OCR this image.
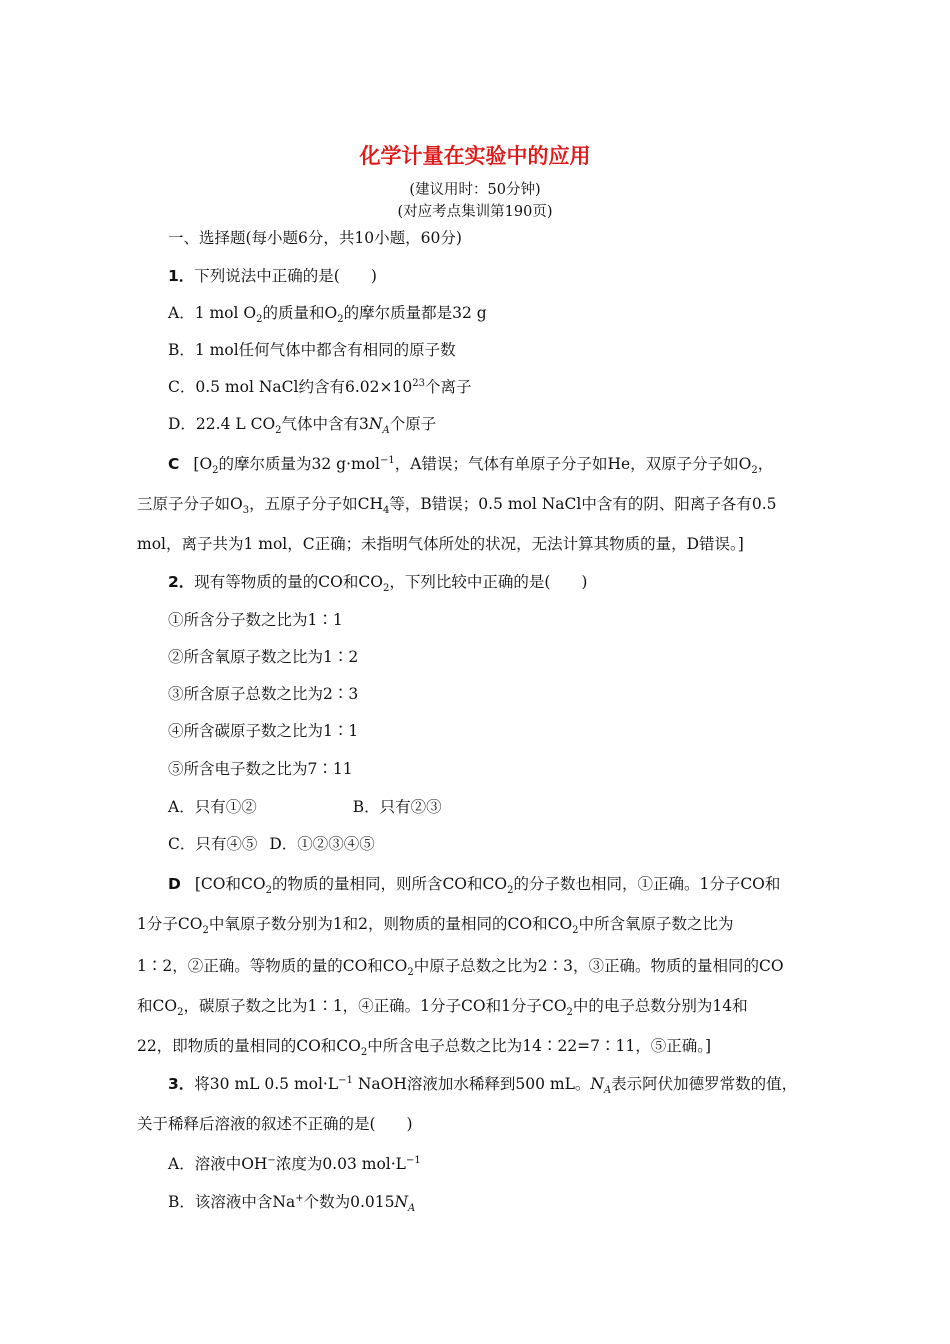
化学计量在实验中的应用
(建议用时：50分钟)
(对应考点集训第190页)
一、选择题(每小题6分，共10小题，60分)
1．下列说法中正确的是(　　)
A．1 mol $O_2$的质量和$O_2$的摩尔质量都是32 g
B．1 mol任何气体中都含有相同的原子数
C．0.5 mol NaCl约含有$6.02\times 10^{23}$个离子
D．22.4 L $CO_2$气体中含有$3N_A$个原子
C [$O_2$的摩尔质量为32 g·mol$^{-1}$，A错误；气体有单原子分子如He，双原子分子如$O_2$，
三原子分子如$O_3$，五原子分子如$CH_4$等，B错误；0.5 mol NaCl中含有的阴、阳离子各有0.5
mol，离子共为1 mol，C正确；未指明气体所处的状况，无法计算其物质的量，D错误。]
2．现有等物质的量的CO和$CO_2$，下列比较中正确的是(　　)
①所含分子数之比为1∶1
②所含氧原子数之比为1∶2
③所含原子总数之比为2∶3
④所含碳原子数之比为1∶1
⑤所含电子数之比为7∶11
A．只有①②	B．只有②③
C．只有④⑤ D．①②③④⑤
D [CO和$CO_2$的物质的量相同，则所含CO和$CO_2$的分子数也相同，①正确。1分子CO和
1分子$CO_2$中氧原子数分别为1和2，则物质的量相同的CO和$CO_2$中所含氧原子数之比为
1∶2，②正确。等物质的量的CO和$CO_2$中原子总数之比为2∶3，③正确。物质的量相同的CO
和$CO_2$，碳原子数之比为1∶1，④正确。1分子CO和1分子$CO_2$中的电子总数分别为14和
22，即物质的量相同的CO和$CO_2$中所含电子总数之比为14∶22=7∶11，⑤正确。]
3．将30 mL 0.5 $mol\cdot L^{-1}$ NaOH溶液加水稀释到500 mL。$N_A$表示阿伏加德罗常数的值，
关于稀释后溶液的叙述不正确的是(　　)
A．溶液中OH−浓度为0.03 $mol\cdot L^{-1}$
B．该溶液中含Na+个数为$0.015N_A$
